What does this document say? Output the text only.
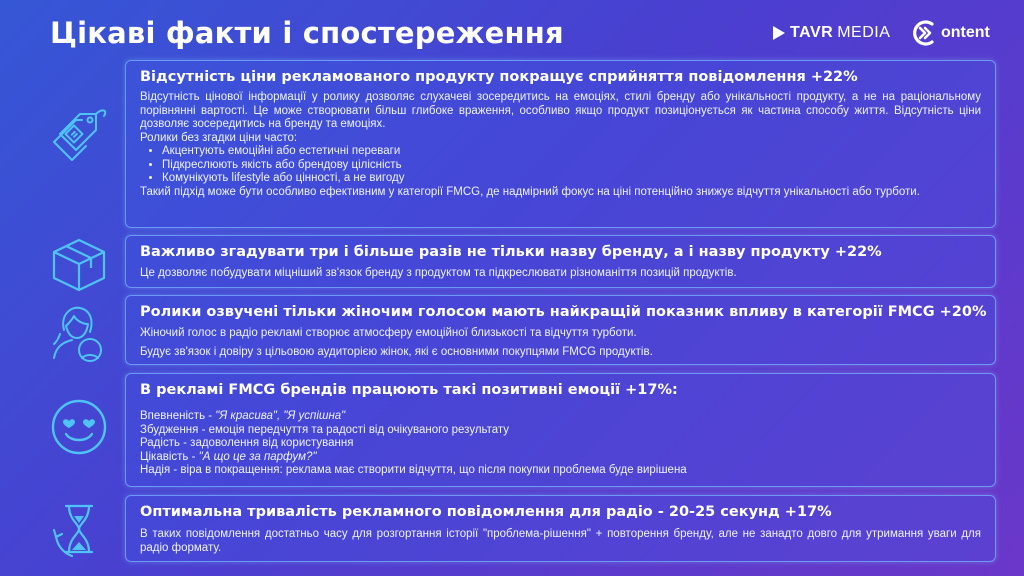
Цікаві факти і спостереження	TAVR MEDIA	ontent
Відсутність ціни рекламованого продукту покращує сприйняття повідомлення +22%

Відсутність цінової інформації у ролику дозволяє слухачеві зосередитись на емоціях, стилі бренду або унікальності продукту, а не на раціональному порівнянні вартості. Це може створювати більш глибоке враження, особливо якщо продукт позиціонується як частина способу життя. Відсутність ціни дозволяє зосередитись на бренду та емоціях.

Ролики без згадки ціни часто:

• Акцентують емоційні або естетичні переваги
• Підкреслюють якість або брендову цілісність
• Комунікують lifestyle або цінності, а не вигоду

Такий підхід може бути особливо ефективним у категорії FMCG, де надмірний фокус на ціні потенційно знижує відчуття унікальності або турботи.

Важливо згадувати три і більше разів не тільки назву бренду, а і назву продукту +22%

Це дозволяє побудувати міцніший зв'язок бренду з продуктом та підкреслювати різноманіття позицій продуктів.

Ролики озвучені тільки жіночим голосом мають найкращій показник впливу в категорії FMCG +20%

Жіночий голос в радіо рекламі створює атмосферу емоційної близькості та відчуття турботи.

Будує зв'язок і довіру з цільовою аудиторією жінок, які є основними покупцями FMCG продуктів.

В рекламі FMCG брендів працюють такі позитивні емоції +17%:
Впевненість - "Я красива", "Я успішна"
Збудження - емоція передчуття та радості від очікуваного результату
Радість - задоволення від користування
Цікавість - "А що це за парфум?"
Надія - віра в покращення: реклама має створити відчуття, що після покупки проблема буде вирішена
Оптимальна тривалість рекламного повідомлення для радіо - 20-25 секунд +17%

В таких повідомлення достатньо часу для розгортання історії "проблема-рішення" + повторення бренду, але не занадто довго для утримання уваги для радіо формату.
